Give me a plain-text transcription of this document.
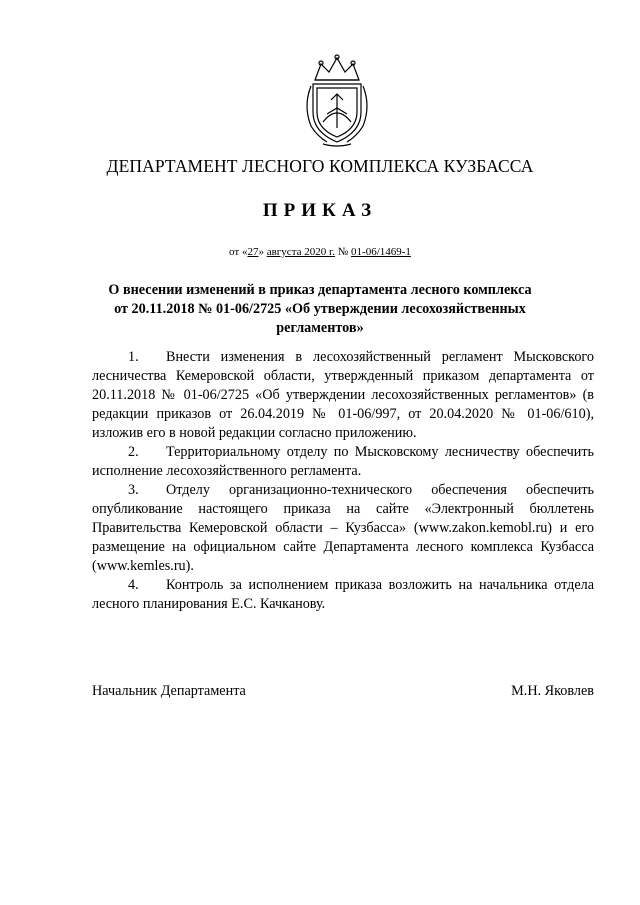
ДЕПАРТАМЕНТ ЛЕСНОГО КОМПЛЕКСА КУЗБАССА
ПРИКАЗ
от «27» августа 2020 г. № 01-06/1469-1
О внесении изменений в приказ департамента лесного комплекса от 20.11.2018 № 01-06/2725 «Об утверждении лесохозяйственных регламентов»

1. Внести изменения в лесохозяйственный регламент Мысковского лесничества Кемеровской области, утвержденный приказом департамента от 20.11.2018 № 01-06/2725 «Об утверждении лесохозяйственных регламентов» (в редакции приказов от 26.04.2019 № 01-06/997, от 20.04.2020 № 01-06/610), изложив его в новой редакции согласно приложению.

2. Территориальному отделу по Мысковскому лесничеству обеспечить исполнение лесохозяйственного регламента.

3. Отделу организационно-технического обеспечения обеспечить опубликование настоящего приказа на сайте «Электронный бюллетень Правительства Кемеровской области – Кузбасса» (www.zakon.kemobl.ru) и его размещение на официальном сайте Департамента лесного комплекса Кузбасса (www.kemles.ru).

4. Контроль за исполнением приказа возложить на начальника отдела лесного планирования Е.С. Качканову.

Начальник Департамента	М.Н. Яковлев
